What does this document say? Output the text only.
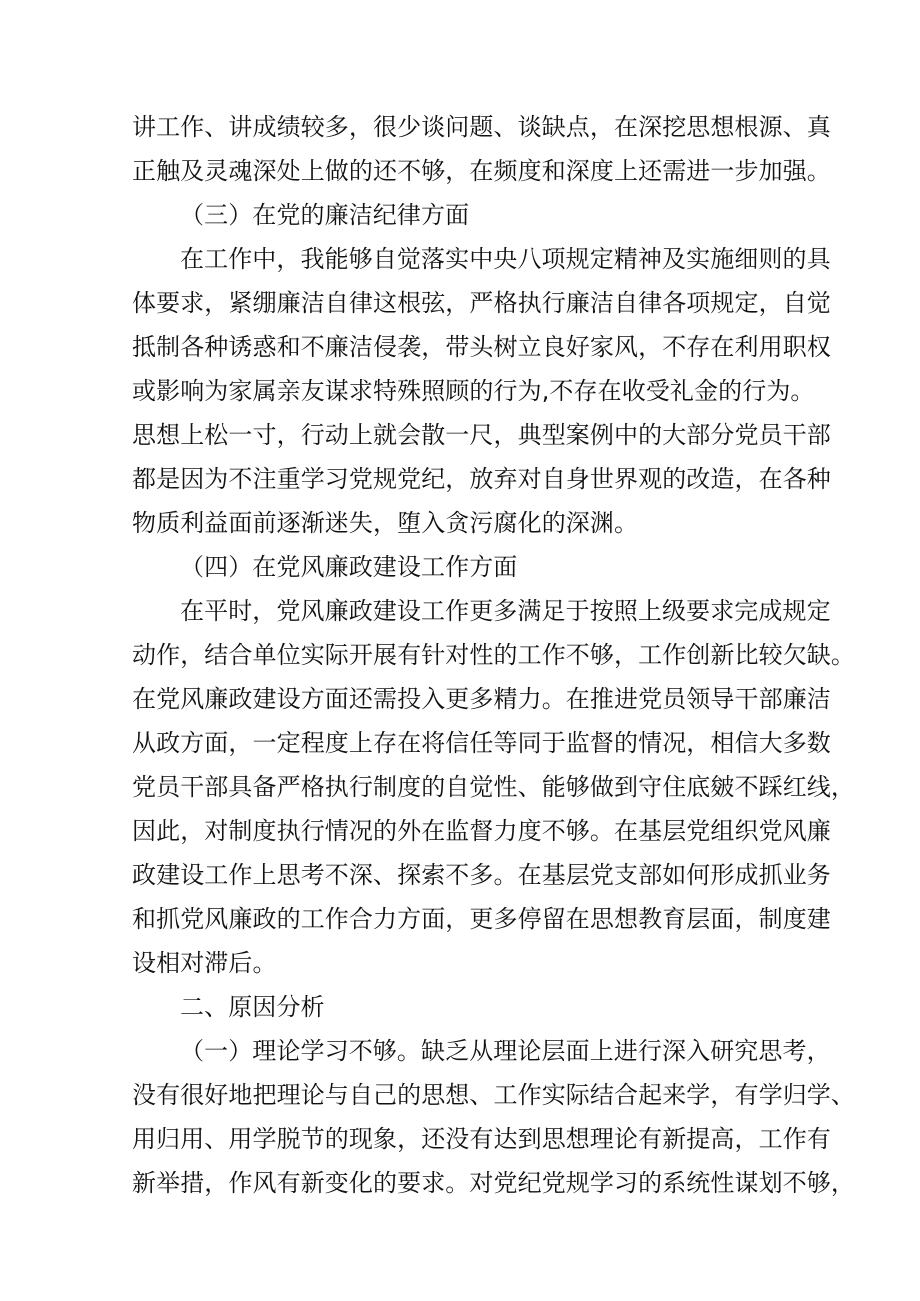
讲工作、讲成绩较多，很少谈问题、谈缺点，在深挖思想根源、真
正触及灵魂深处上做的还不够，在频度和深度上还需进一步加强。
（三）在党的廉洁纪律方面
在工作中，我能够自觉落实中央八项规定精神及实施细则的具
体要求，紧绷廉洁自律这根弦，严格执行廉洁自律各项规定，自觉
抵制各种诱惑和不廉洁侵袭，带头树立良好家风，不存在利用职权
或影响为家属亲友谋求特殊照顾的行为,不存在收受礼金的行为。
思想上松一寸，行动上就会散一尺，典型案例中的大部分党员干部
都是因为不注重学习党规党纪，放弃对自身世界观的改造，在各种
物质利益面前逐渐迷失，堕入贪污腐化的深渊。
（四）在党风廉政建设工作方面
在平时，党风廉政建设工作更多满足于按照上级要求完成规定
动作，结合单位实际开展有针对性的工作不够，工作创新比较欠缺。
在党风廉政建设方面还需投入更多精力。在推进党员领导干部廉洁
从政方面，一定程度上存在将信任等同于监督的情况，相信大多数
党员干部具备严格执行制度的自觉性、能够做到守住底皴不踩红线，
因此，对制度执行情况的外在监督力度不够。在基层党组织党风廉
政建设工作上思考不深、探索不多。在基层党支部如何形成抓业务
和抓党风廉政的工作合力方面，更多停留在思想教育层面，制度建
设相对滞后。
二、原因分析
（一）理论学习不够。缺乏从理论层面上进行深入研究思考，
没有很好地把理论与自己的思想、工作实际结合起来学，有学归学、
用归用、用学脱节的现象，还没有达到思想理论有新提高，工作有
新举措，作风有新变化的要求。对党纪党规学习的系统性谋划不够，
